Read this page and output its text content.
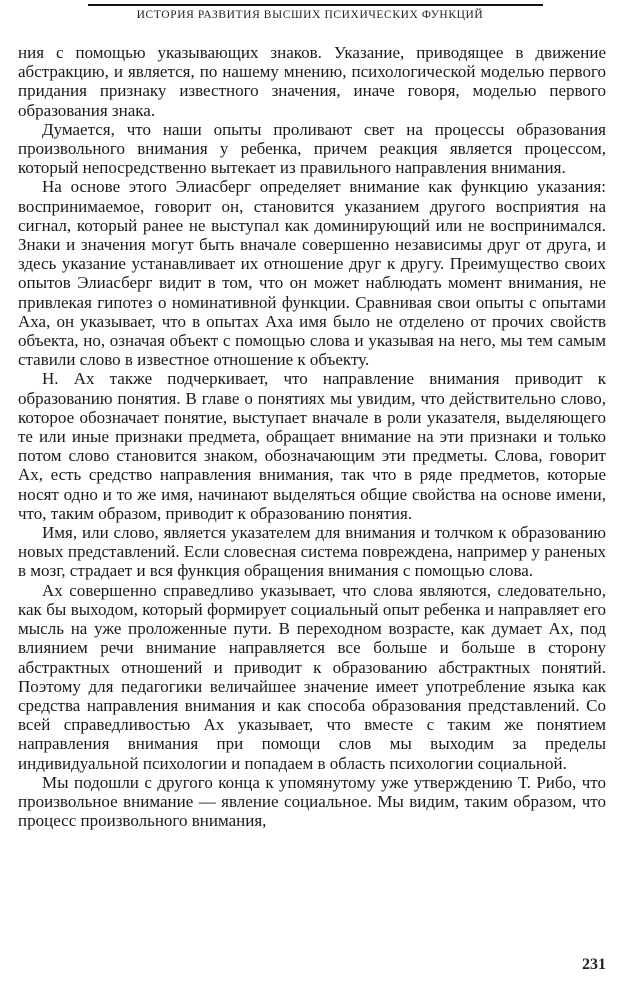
ИСТОРИЯ РАЗВИТИЯ ВЫСШИХ ПСИХИЧЕСКИХ ФУНКЦИЙ

ния с помощью указывающих знаков. Указание, приводящее в движение абстракцию, и является, по нашему мнению, психологической моделью первого придания признаку известного значения, иначе говоря, моделью первого образования знака.

Думается, что наши опыты проливают свет на процессы образования произвольного внимания у ребенка, причем реакция является процессом, который непосредственно вытекает из правильного направления внимания.

На основе этого Элиасберг определяет внимание как функцию указания: воспринимаемое, говорит он, становится указанием другого восприятия на сигнал, который ранее не выступал как доминирующий или не воспринимался. Знаки и значения могут быть вначале совершенно независимы друг от друга, и здесь указание устанавливает их отношение друг к другу. Преимущество своих опытов Элиасберг видит в том, что он может наблюдать момент внимания, не привлекая гипотез о номинативной функции. Сравнивая свои опыты с опытами Аха, он указывает, что в опытах Аха имя было не отделено от прочих свойств объекта, но, означая объект с помощью слова и указывая на него, мы тем самым ставили слово в известное отношение к объекту.

Н. Ах также подчеркивает, что направление внимания приводит к образованию понятия. В главе о понятиях мы увидим, что действительно слово, которое обозначает понятие, выступает вначале в роли указателя, выделяющего те или иные признаки предмета, обращает внимание на эти признаки и только потом слово становится знаком, обозначающим эти предметы. Слова, говорит Ах, есть средство направления внимания, так что в ряде предметов, которые носят одно и то же имя, начинают выделяться общие свойства на основе имени, что, таким образом, приводит к образованию понятия.

Имя, или слово, является указателем для внимания и толчком к образованию новых представлений. Если словесная система повреждена, например у раненых в мозг, страдает и вся функция обращения внимания с помощью слова.

Ах совершенно справедливо указывает, что слова являются, следовательно, как бы выходом, который формирует социальный опыт ребенка и направляет его мысль на уже проложенные пути. В переходном возрасте, как думает Ах, под влиянием речи внимание направляется все больше и больше в сторону абстрактных отношений и приводит к образованию абстрактных понятий. Поэтому для педагогики величайшее значение имеет употребление языка как средства направления внимания и как способа образования представлений. Со всей справедливостью Ах указывает, что вместе с таким же понятием направления внимания при помощи слов мы выходим за пределы индивидуальной психологии и попадаем в область психологии социальной.

Мы подошли с другого конца к упомянутому уже утверждению Т. Рибо, что произвольное внимание — явление социальное. Мы видим, таким образом, что процесс произвольного внимания,

231
